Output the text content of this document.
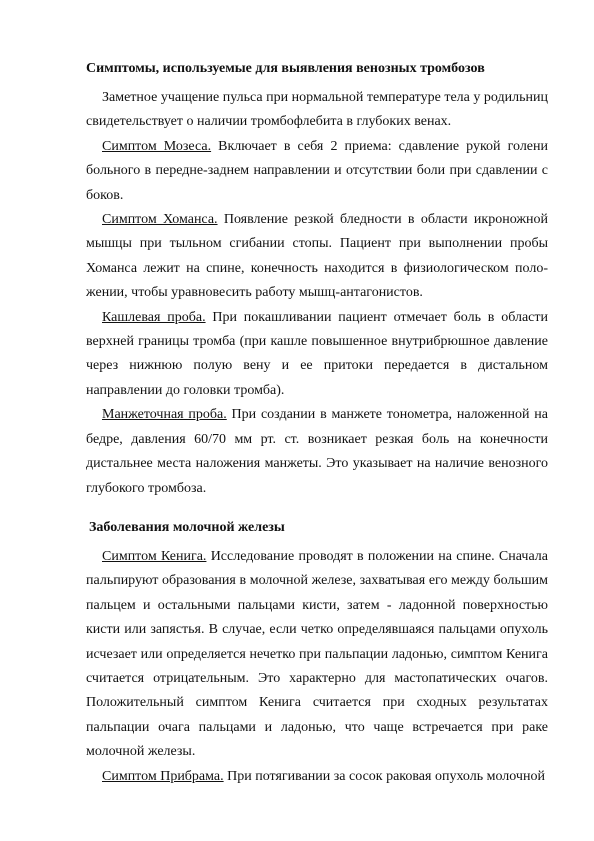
Симптомы, используемые для выявления венозных тромбозов

Заметное учащение пульса при нормальной температуре тела у родильниц свидетельствует о наличии тромбофлебита в глубоких венах.

Симптом Мозеса. Включает в себя 2 приема: сдавление рукой голени больного в передне-заднем направлении и отсутствии боли при сдавлении с боков.

Симптом Хоманса. Появление резкой бледности в области икроножной мышцы при тыльном сгибании стопы. Пациент при выполнении пробы Хоманса лежит на спине, конечность находится в физиологическом поло-жении, чтобы уравновесить работу мышц-антагонистов.

Кашлевая проба. При покашливании пациент отмечает боль в области верхней границы тромба (при кашле повышенное внутрибрюшное давление через нижнюю полую вену и ее притоки передается в дистальном направлении до головки тромба).

Манжеточная проба. При создании в манжете тонометра, наложенной на бедре, давления 60/70 мм рт. ст. возникает резкая боль на конечности дистальнее места наложения манжеты. Это указывает на наличие венозного глубокого тромбоза.

Заболевания молочной железы

Симптом Кенига. Исследование проводят в положении на спине. Сначала пальпируют образования в молочной железе, захватывая его между большим пальцем и остальными пальцами кисти, затем - ладонной поверхностью кисти или запястья. В случае, если четко определявшаяся пальцами опухоль исчезает или определяется нечетко при пальпации ладонью, симптом Кенига считается отрицательным. Это характерно для мастопатических очагов. Положительный симптом Кенига считается при сходных результатах пальпации очага пальцами и ладонью, что чаще встречается при раке молочной железы.

Симптом Прибрама. При потягивании за сосок раковая опухоль молочной
